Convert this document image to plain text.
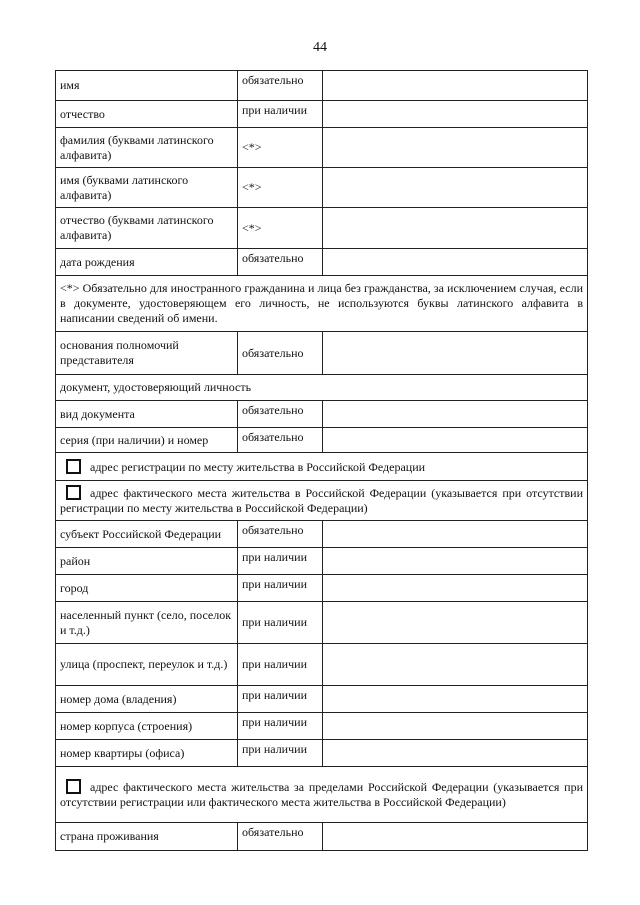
44
имя	обязательно	
отчество	при наличии	
фамилия (буквами латинского алфавита)	<*>	
имя (буквами латинского алфавита)	<*>	
отчество (буквами латинского алфавита)	<*>	
дата рождения	обязательно	
<*> Обязательно для иностранного гражданина и лица без гражданства, за исключением случая, если в документе, удостоверяющем его личность, не используются буквы латинского алфавита в написании сведений об имени.		
основания полномочий представителя	обязательно	
документ, удостоверяющий личность		
вид документа	обязательно	
серия (при наличии) и номер	обязательно	
адрес регистрации по месту жительства в Российской Федерации		
адрес фактического места жительства в Российской Федерации (указывается при отсутствии регистрации по месту жительства в Российской Федерации)		
субъект Российской Федерации	обязательно	
район	при наличии	
город	при наличии	
населенный пункт (село, поселок и т.д.)	при наличии	
улица (проспект, переулок и т.д.)	при наличии	
номер дома (владения)	при наличии	
номер корпуса (строения)	при наличии	
номер квартиры (офиса)	при наличии	
адрес фактического места жительства за пределами Российской Федерации (указывается при отсутствии регистрации или фактического места жительства в Российской Федерации)		
страна проживания	обязательно	
